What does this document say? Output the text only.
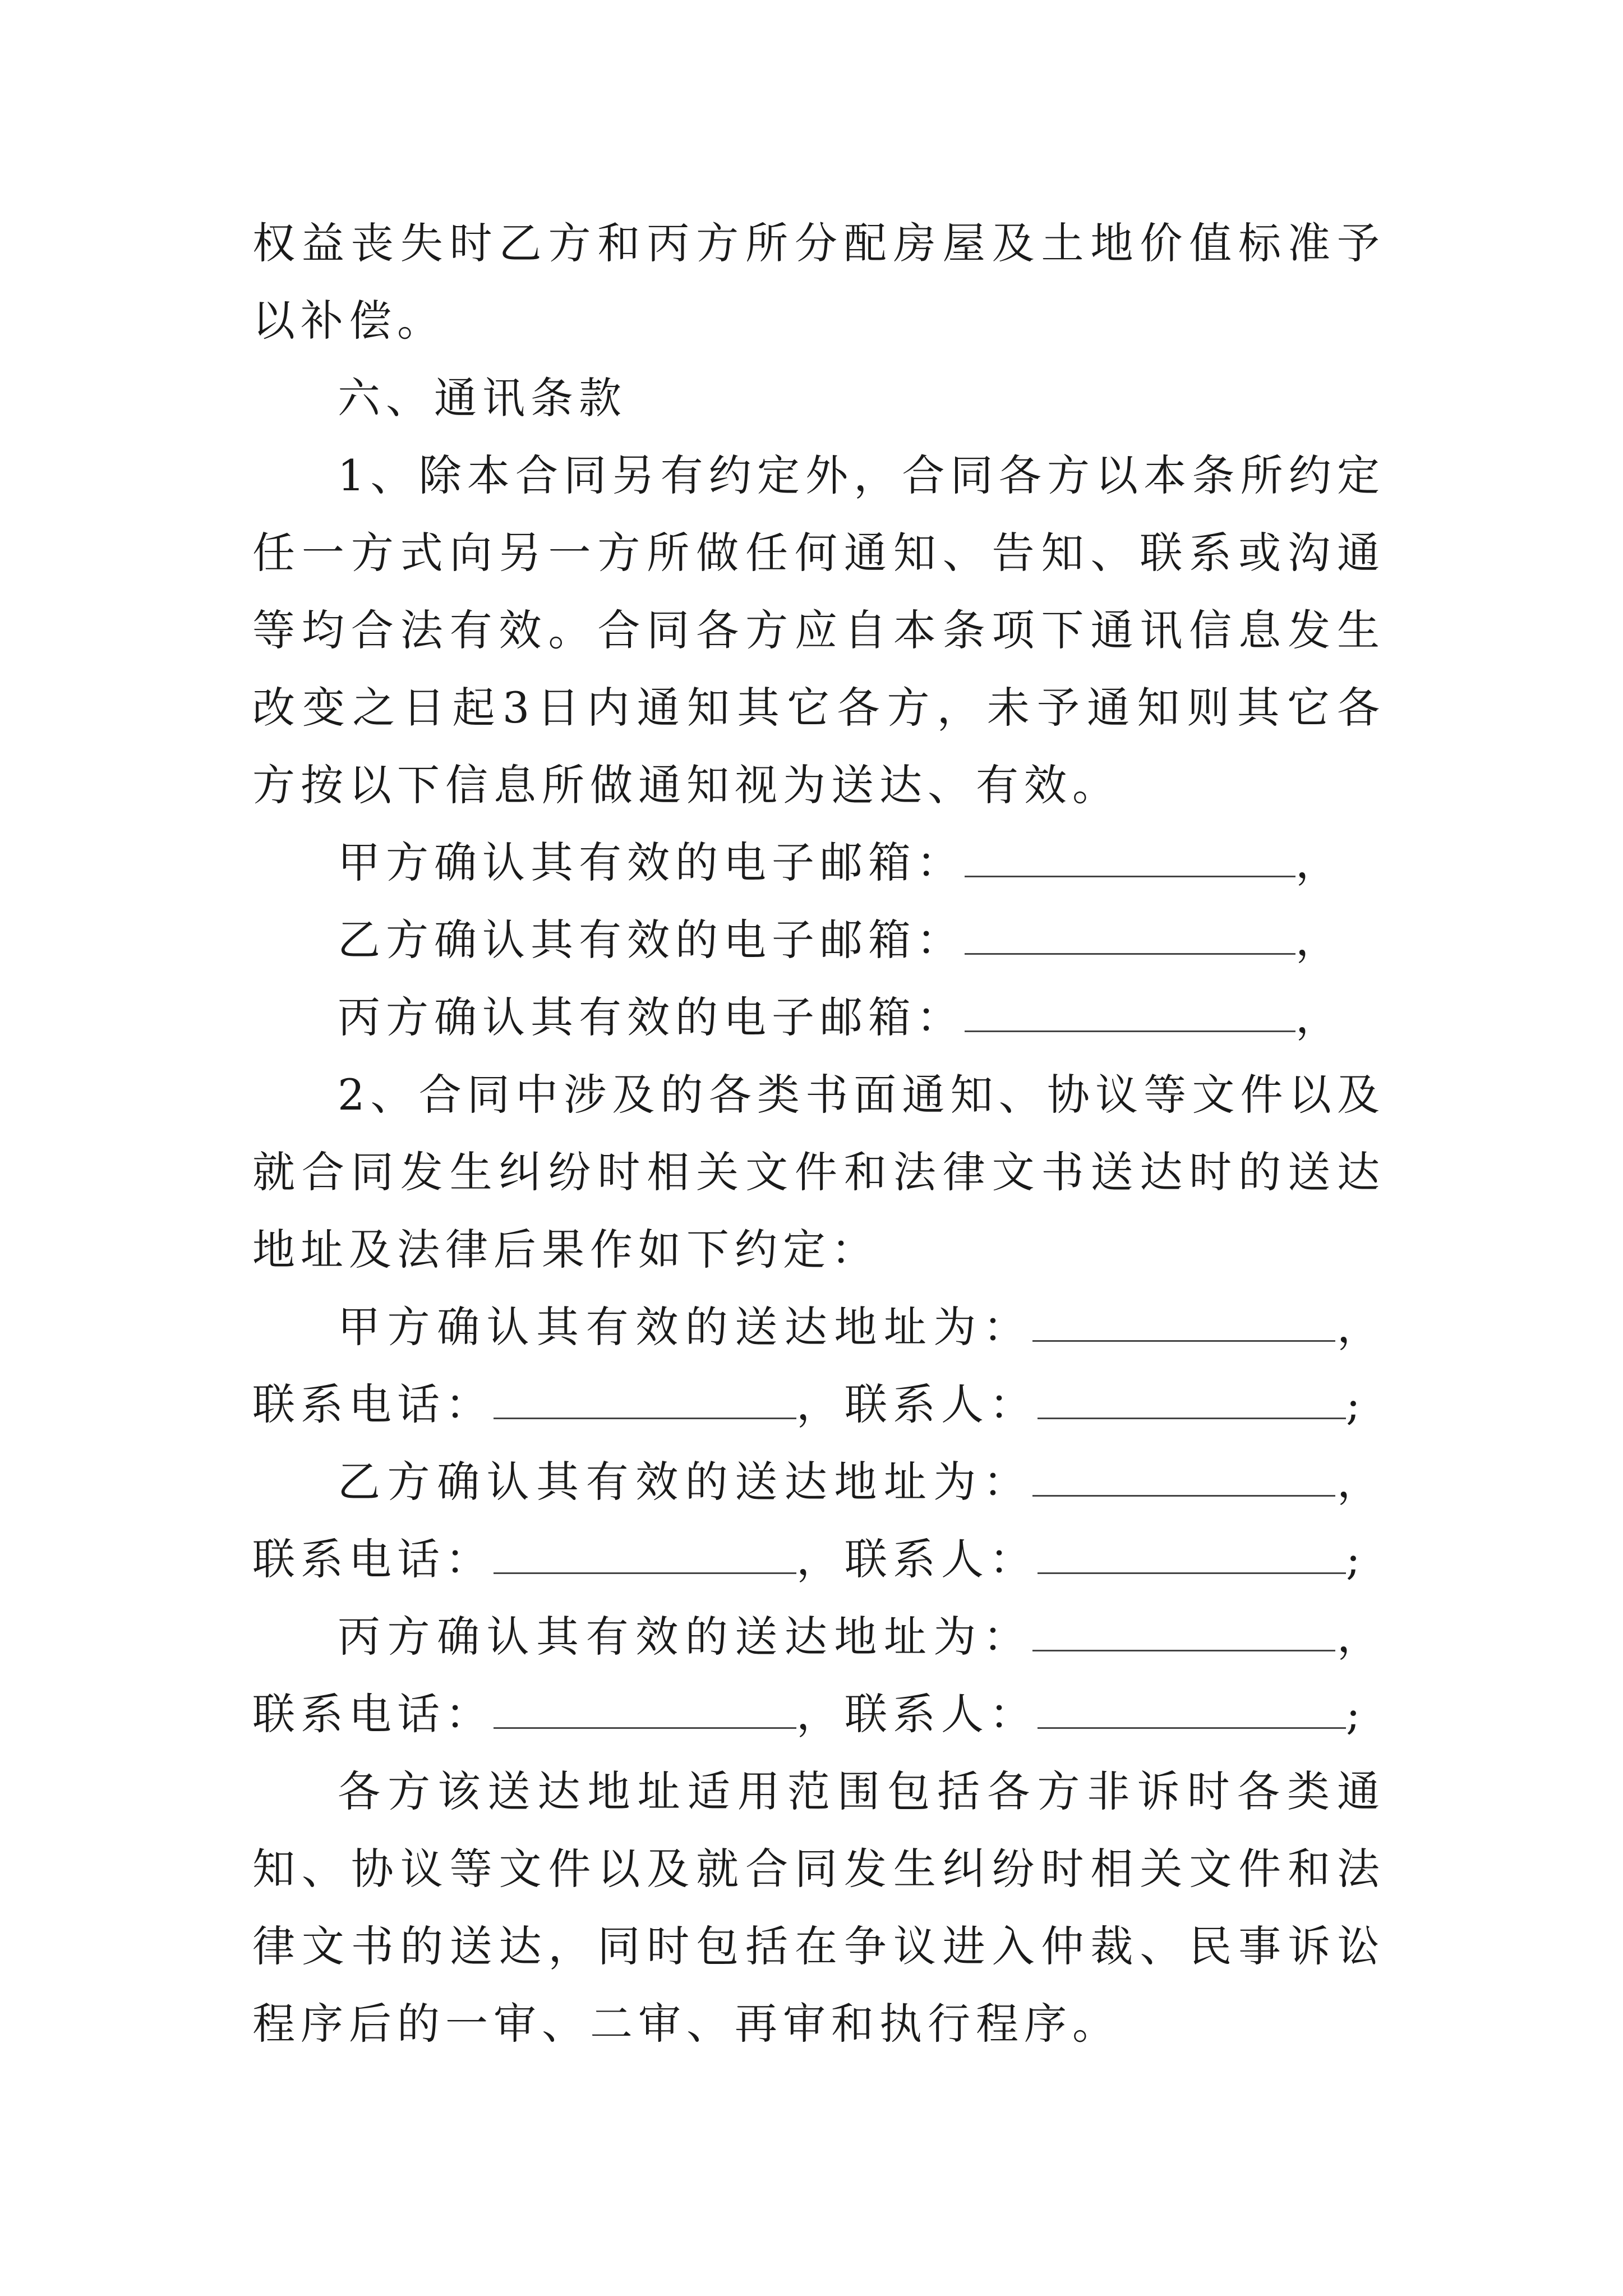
权益丧失时乙方和丙方所分配房屋及土地价值标准予以补偿。

六、通讯条款

1、除本合同另有约定外，合同各方以本条所约定任一方式向另一方所做任何通知、告知、联系或沟通等均合法有效。合同各方应自本条项下通讯信息发生改变之日起3日内通知其它各方，未予通知则其它各方按以下信息所做通知视为送达、有效。

甲方确认其有效的电子邮箱：	，

乙方确认其有效的电子邮箱：	，

丙方确认其有效的电子邮箱：	，

2、合同中涉及的各类书面通知、协议等文件以及就合同发生纠纷时相关文件和法律文书送达时的送达地址及法律后果作如下约定：

甲方确认其有效的送达地址为：	，联系电话：	，联系人：	;

乙方确认其有效的送达地址为：	，联系电话：	，联系人：	;

丙方确认其有效的送达地址为：	，联系电话：	，联系人：	;

各方该送达地址适用范围包括各方非诉时各类通知、协议等文件以及就合同发生纠纷时相关文件和法律文书的送达，同时包括在争议进入仲裁、民事诉讼程序后的一审、二审、再审和执行程序。
